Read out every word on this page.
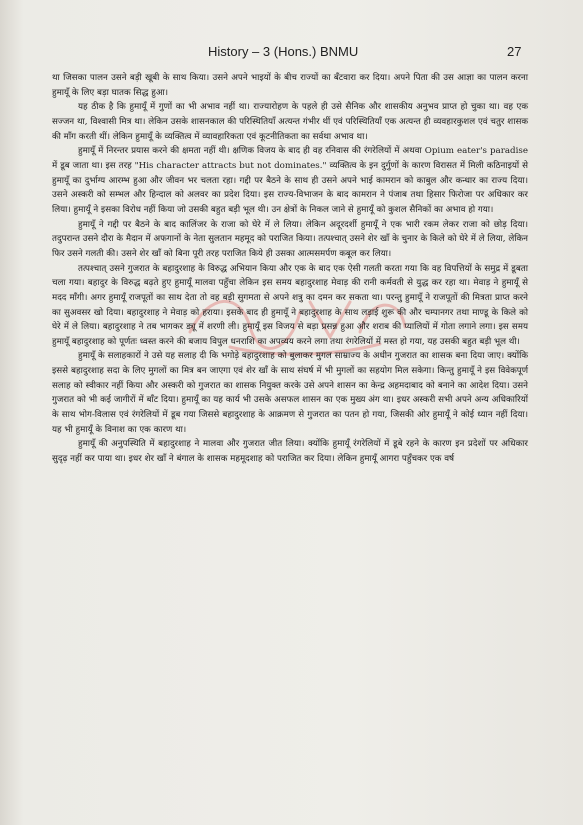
History – 3 (Hons.) BNMU	27

था जिसका पालन उसने बड़ी खूबी के साथ किया। उसने अपने भाइयों के बीच राज्यों का बँटवारा कर दिया। अपने पिता की उस आज्ञा का पालन करना हुमायूँ के लिए बड़ा घातक सिद्ध हुआ।

यह ठीक है कि हुमायूँ में गुणों का भी अभाव नहीं था। राज्यारोहण के पहले ही उसे सैनिक और शासकीय अनुभव प्राप्त हो चुका था। वह एक सज्जन था, विश्वासी मित्र था। लेकिन उसके शासनकाल की परिस्थितियाँ अत्यन्त गंभीर थीं एवं परिस्थितियाँ एक अत्यन्त ही व्यवहारकुशल एवं चतुर शासक की माँग करती थीं। लेकिन हुमायूँ के व्यक्तित्व में व्यावहारिकता एवं कूटनीतिकता का सर्वथा अभाव था।

हुमायूँ में निरन्तर प्रयास करने की क्षमता नहीं थी। क्षणिक विजय के बाद ही वह रनिवास की रंगरेलियों में अथवा Opium eater's paradise में डूब जाता था। इस तरह "His character attracts but not dominates." व्यक्तित्व के इन दुर्गुणों के कारण विरासत में मिली कठिनाइयों से हुमायूँ का दुर्भाग्य आरम्भ हुआ और जीवन भर चलता रहा। गद्दी पर बैठने के साथ ही उसने अपने भाई कामरान को काबुल और कन्धार का राज्य दिया। उसने अस्करी को सम्भल और हिन्दाल को अलवर का प्रदेश दिया। इस राज्य-विभाजन के बाद कामरान ने पंजाब तथा हिसार फिरोजा पर अधिकार कर लिया। हुमायूँ ने इसका विरोध नहीं किया जो उसकी बहुत बड़ी भूल थी। उन क्षेत्रों के निकल जाने से हुमायूँ को कुशल सैनिकों का अभाव हो गया।

हुमायूँ ने गद्दी पर बैठने के बाद कालिंजर के राजा को घेरे में ले लिया। लेकिन अदूरदर्शी हुमायूँ ने एक भारी रकम लेकर राजा को छोड़ दिया। तदुपरान्त उसने दौरा के मैदान में अफगानों के नेता सुलतान महमूद को पराजित किया। तत्पश्चात् उसने शेर खाँ के चुनार के किले को घेरे में ले लिया, लेकिन फिर उसने गलती की। उसने शेर खाँ को बिना पूरी तरह पराजित किये ही उसका आत्मसमर्पण कबूल कर लिया।

तत्पश्चात् उसने गुजरात के बहादुरशाह के विरुद्ध अभियान किया और एक के बाद एक ऐसी गलती करता गया कि वह विपत्तियों के समुद्र में डूबता चला गया। बहादुर के विरुद्ध बढ़ते हुए हुमायूँ मालवा पहुँचा लेकिन इस समय बहादुरशाह मेवाड़ की रानी कर्मवती से युद्ध कर रहा था। मेवाड़ ने हुमायूँ से मदद माँगी। अगर हुमायूँ राजपूतों का साथ देता तो वह बड़ी सुगमता से अपने शत्रु का दमन कर सकता था। परन्तु हुमायूँ ने राजपूतों की मित्रता प्राप्त करने का सुअवसर खो दिया। बहादुरशाह ने मेवाड़ को हराया। इसके बाद ही हुमायूँ ने बहादुरशाह के साथ लड़ाई शुरू की और चम्पानगर तथा माण्डू के किले को घेरे में ले लिया। बहादुरशाह ने तब भागकर ड्यू में शरणी ली। हुमायूँ इस विजय से बड़ा प्रसन्न हुआ और शराब की प्यालियों में गोता लगाने लगा। इस समय हुमायूँ बहादुरशाह को पूर्णतः ध्वस्त करने की बजाय विपुल धनराशि का अपव्यय करने लगा तथा रंगरेलियों में मस्त हो गया, यह उसकी बहुत बड़ी भूल थी।

हुमायूँ के सलाहकारों ने उसे यह सलाह दी कि भगोड़े बहादुरशाह को बुलाकर मुगल साम्राज्य के अधीन गुजरात का शासक बना दिया जाए। क्योंकि इससे बहादुरशाह सदा के लिए मुगलों का मित्र बन जाएगा एवं शेर खाँ के साथ संघर्ष में भी मुगलों का सहयोग मिल सकेगा। किन्तु हुमायूँ ने इस विवेकपूर्ण सलाह को स्वीकार नहीं किया और अस्करी को गुजरात का शासक नियुक्त करके उसे अपने शासन का केन्द्र अहमदाबाद को बनाने का आदेश दिया। उसने गुजरात को भी कई जागीरों में बाँट दिया। हुमायूँ का यह कार्य भी उसके असफल शासन का एक मुख्य अंग था। इधर अस्करी सभी अपने अन्य अधिकारियों के साथ भोग-विलास एवं रंगरेलियों में डूब गया जिससे बहादुरशाह के आक्रमण से गुजरात का पतन हो गया, जिसकी ओर हुमायूँ ने कोई ध्यान नहीं दिया। यह भी हुमायूँ के विनाश का एक कारण था।

हुमायूँ की अनुपस्थिति में बहादुरशाह ने मालवा और गुजरात जीत लिया। क्योंकि हुमायूँ रंगरेलियों में डूबे रहने के कारण इन प्रदेशों पर अधिकार सुदृढ़ नहीं कर पाया था। इधर शेर खाँ ने बंगाल के शासक महमूदशाह को पराजित कर दिया। लेकिन हुमायूँ आगरा पहुँचकर एक वर्ष
